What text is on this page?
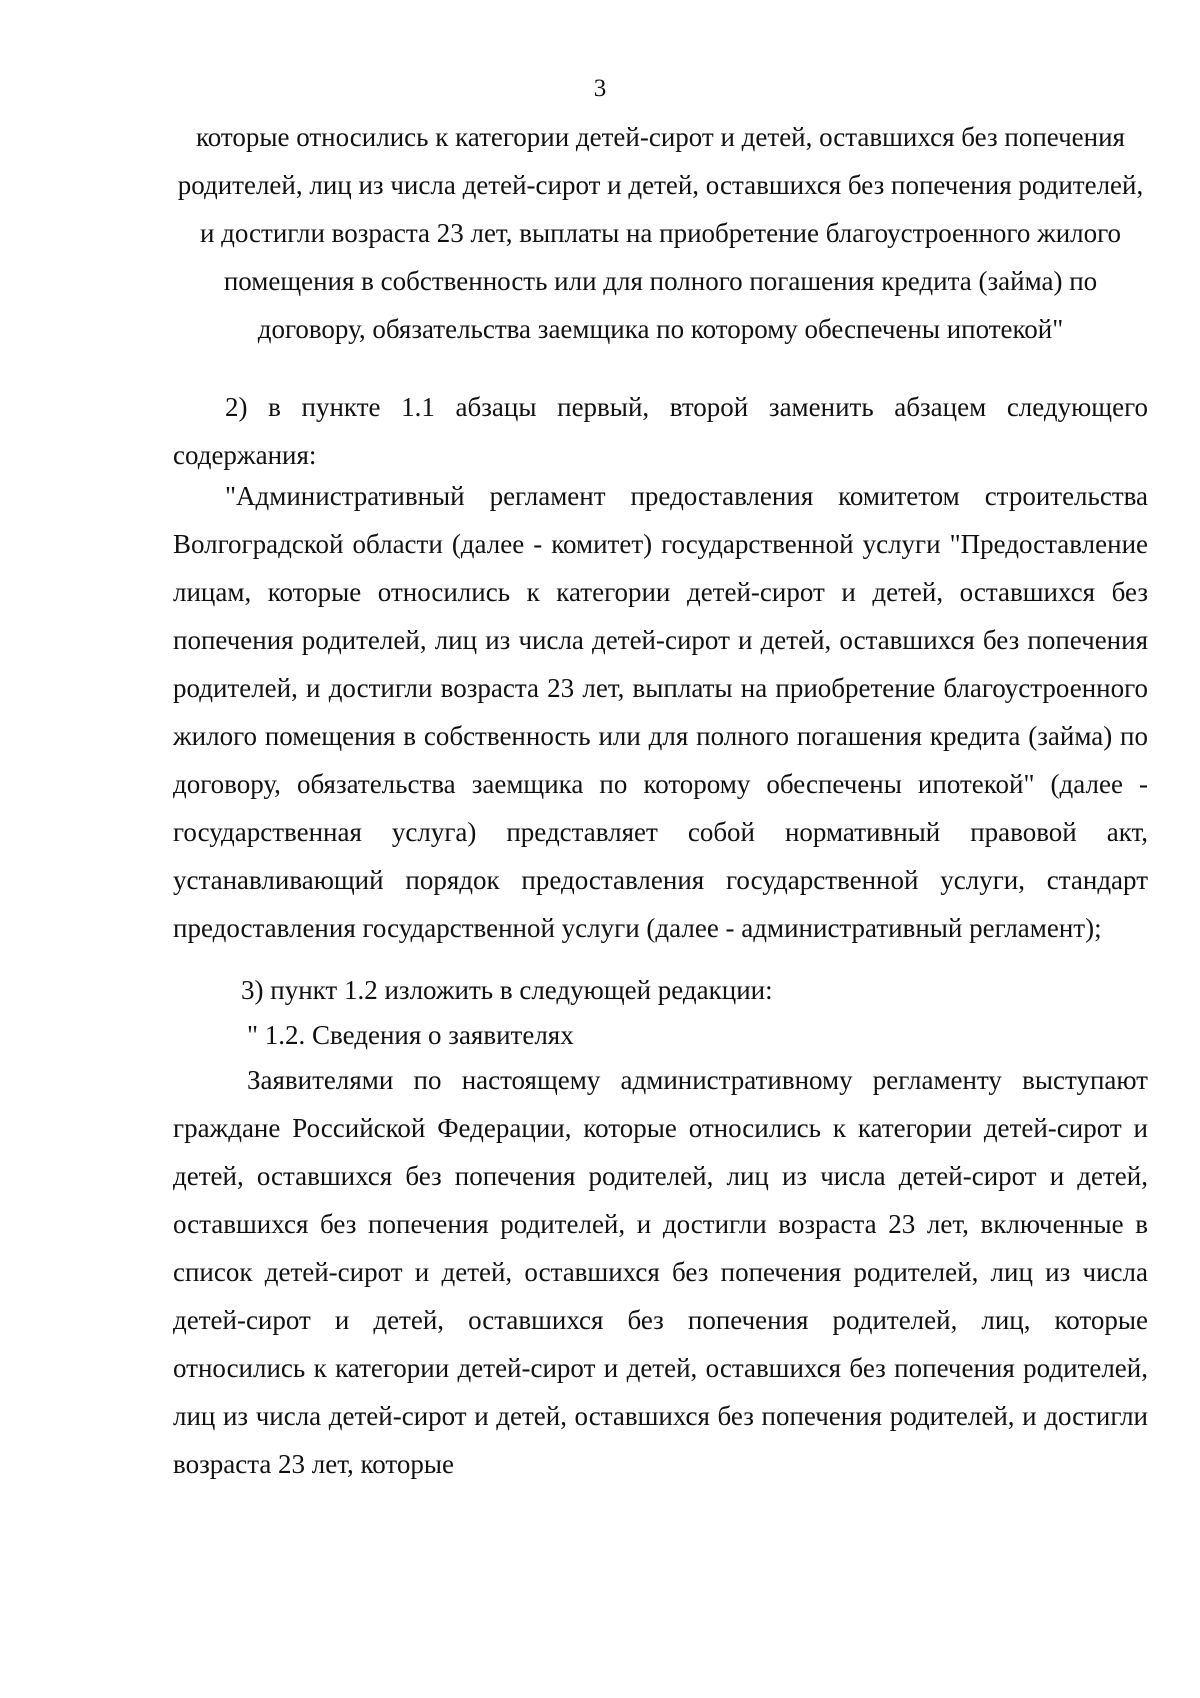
3

которые относились к категории детей-сирот и детей, оставшихся без попечения родителей, лиц из числа детей-сирот и детей, оставшихся без попечения родителей, и достигли возраста 23 лет, выплаты на приобретение благоустроенного жилого помещения в собственность или для полного погашения кредита (займа) по договору, обязательства заемщика по которому обеспечены ипотекой"

2) в пункте 1.1 абзацы первый, второй заменить абзацем следующего содержания:

"Административный регламент предоставления комитетом строительства Волгоградской области (далее - комитет) государственной услуги "Предоставление лицам, которые относились к категории детей-сирот и детей, оставшихся без попечения родителей, лиц из числа детей-сирот и детей, оставшихся без попечения родителей, и достигли возраста 23 лет, выплаты на приобретение благоустроенного жилого помещения в собственность или для полного погашения кредита (займа) по договору, обязательства заемщика по которому обеспечены ипотекой" (далее - государственная услуга) представляет собой нормативный правовой акт, устанавливающий порядок предоставления государственной услуги, стандарт предоставления государственной услуги (далее - административный регламент);

3) пункт 1.2 изложить в следующей редакции:

" 1.2. Сведения о заявителях

Заявителями по настоящему административному регламенту выступают граждане Российской Федерации, которые относились к категории детей-сирот и детей, оставшихся без попечения родителей, лиц из числа детей-сирот и детей, оставшихся без попечения родителей, и достигли возраста 23 лет, включенные в список детей-сирот и детей, оставшихся без попечения родителей, лиц из числа детей-сирот и детей, оставшихся без попечения родителей, лиц, которые относились к категории детей-сирот и детей, оставшихся без попечения родителей, лиц из числа детей-сирот и детей, оставшихся без попечения родителей, и достигли возраста 23 лет, которые
